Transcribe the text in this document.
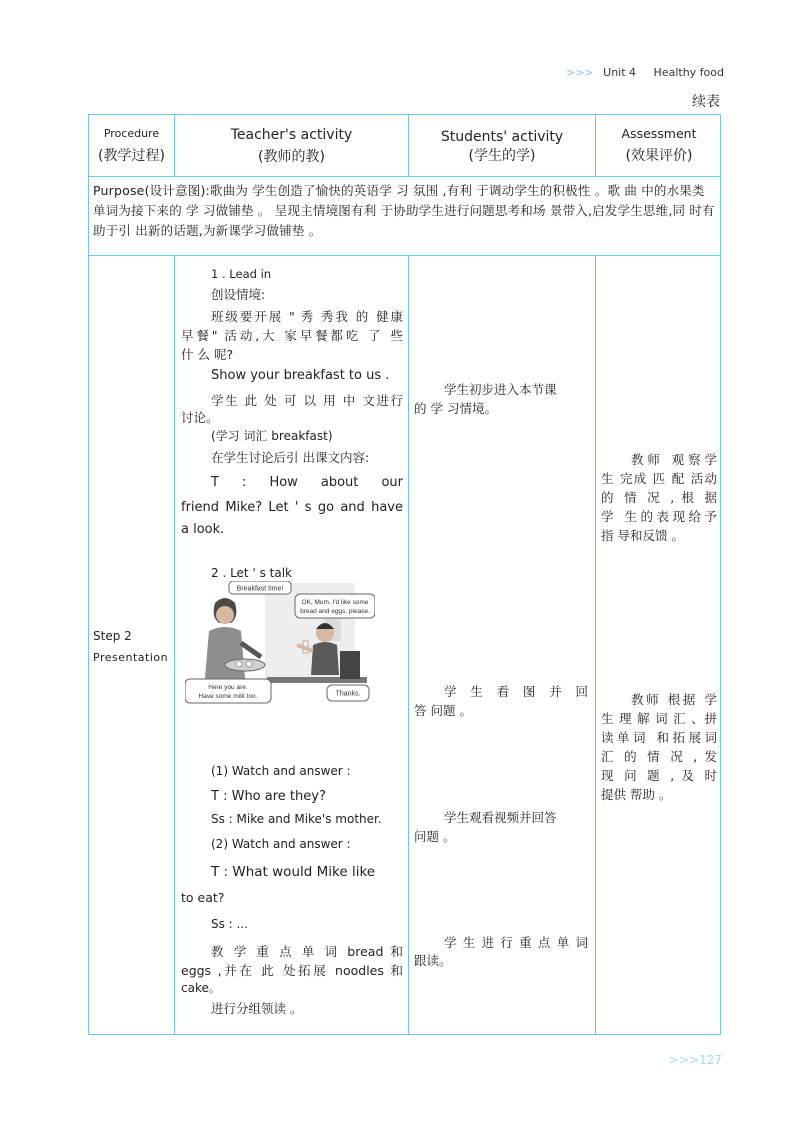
>>> Unit 4 Healthy food
续表
Procedure
(教学过程)
Teacher's activity
(教师的教)
Students' activity
(学生的学)
Assessment
(效果评价)
Purpose(设计意图):歌曲为 学生创造了愉快的英语学 习 氛围 ,有利 于调动学生的积极性 。歌 曲 中的水果类单词为接下来的 学 习做铺垫 。 呈现主情境图有利 于协助学生进行问题思考和场 景带入,启发学生思维,同 时有助于引 出新的话题,为新课学习做铺垫 。
Step 2
Presentation
1 . Lead in
创设情境:
班级要开展 " 秀 秀我 的 健康
早餐" 活动,大 家早餐都吃 了 些
什 么 呢?
Show your breakfast to us .
学生 此 处 可 以 用 中 文进行
讨论。
(学习 词汇 breakfast)
在学生讨论后引 出课文内容:
T : How about our
friend Mike? Let ' s go and have
a look.
2 . Let ' s talk
Breakfast time!
OK, Mum. I'd like some
bread and eggs, please.
Here you are.
Have some milk too.	Thanks.
(1) Watch and answer :
T : Who are they?
Ss : Mike and Mike's mother.
(2) Watch and answer :
T : What would Mike like
to eat?
Ss : ...
教 学 重 点 单 词 bread 和
eggs ,并在 此 处拓展 noodles 和
cake。
进行分组领读 。
学生初步进入本节课
的 学 习情境。
学 生 看 图 并 回
答 问题 。
学生观看视频并回答
问题 。
学 生 进 行 重 点 单 词
跟读。
教师 观察学
生 完成 匹 配 活动
的 情 况 , 根 据
学 生的表现给予
指 导和反馈 。
教师 根据 学
生 理 解 词 汇 、拼
读单词 和拓展词
汇 的 情 况 , 发
现 问 题 , 及 时
提供 帮助 。
>>>127
